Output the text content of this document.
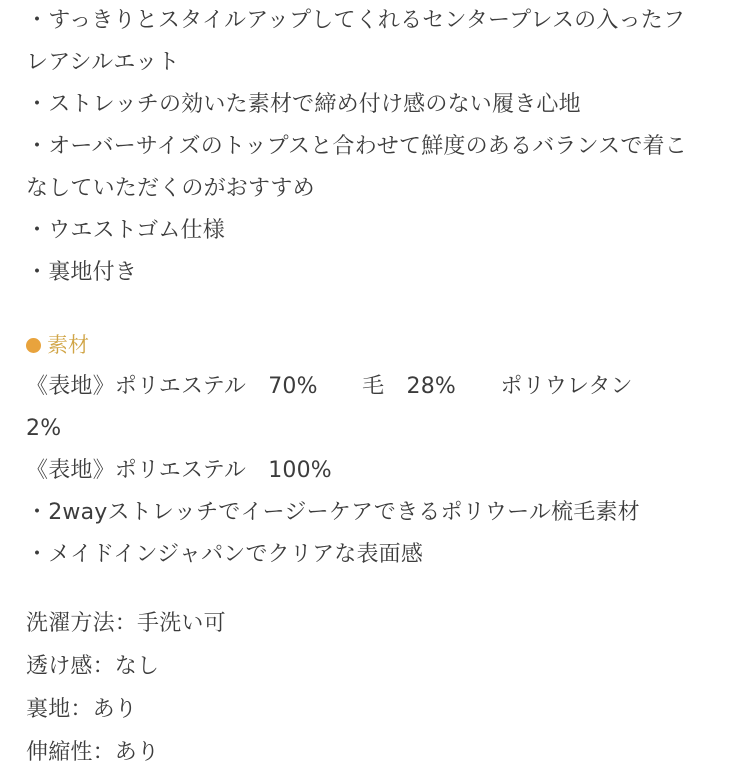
・すっきりとスタイルアップしてくれるセンタープレスの入ったフ
レアシルエット
・ストレッチの効いた素材で締め付け感のない履き心地
・オーバーサイズのトップスと合わせて鮮度のあるバランスで着こ
なしていただくのがおすすめ
・ウエストゴム仕様
・裏地付き
素材
《表地》ポリエステル　70%　　毛　28%　　ポリウレタン
2%
《表地》ポリエステル　100%
・2wayストレッチでイージーケアできるポリウール梳毛素材
・メイドインジャパンでクリアな表面感
洗濯方法：手洗い可
透け感：なし
裏地：あり
伸縮性：あり
